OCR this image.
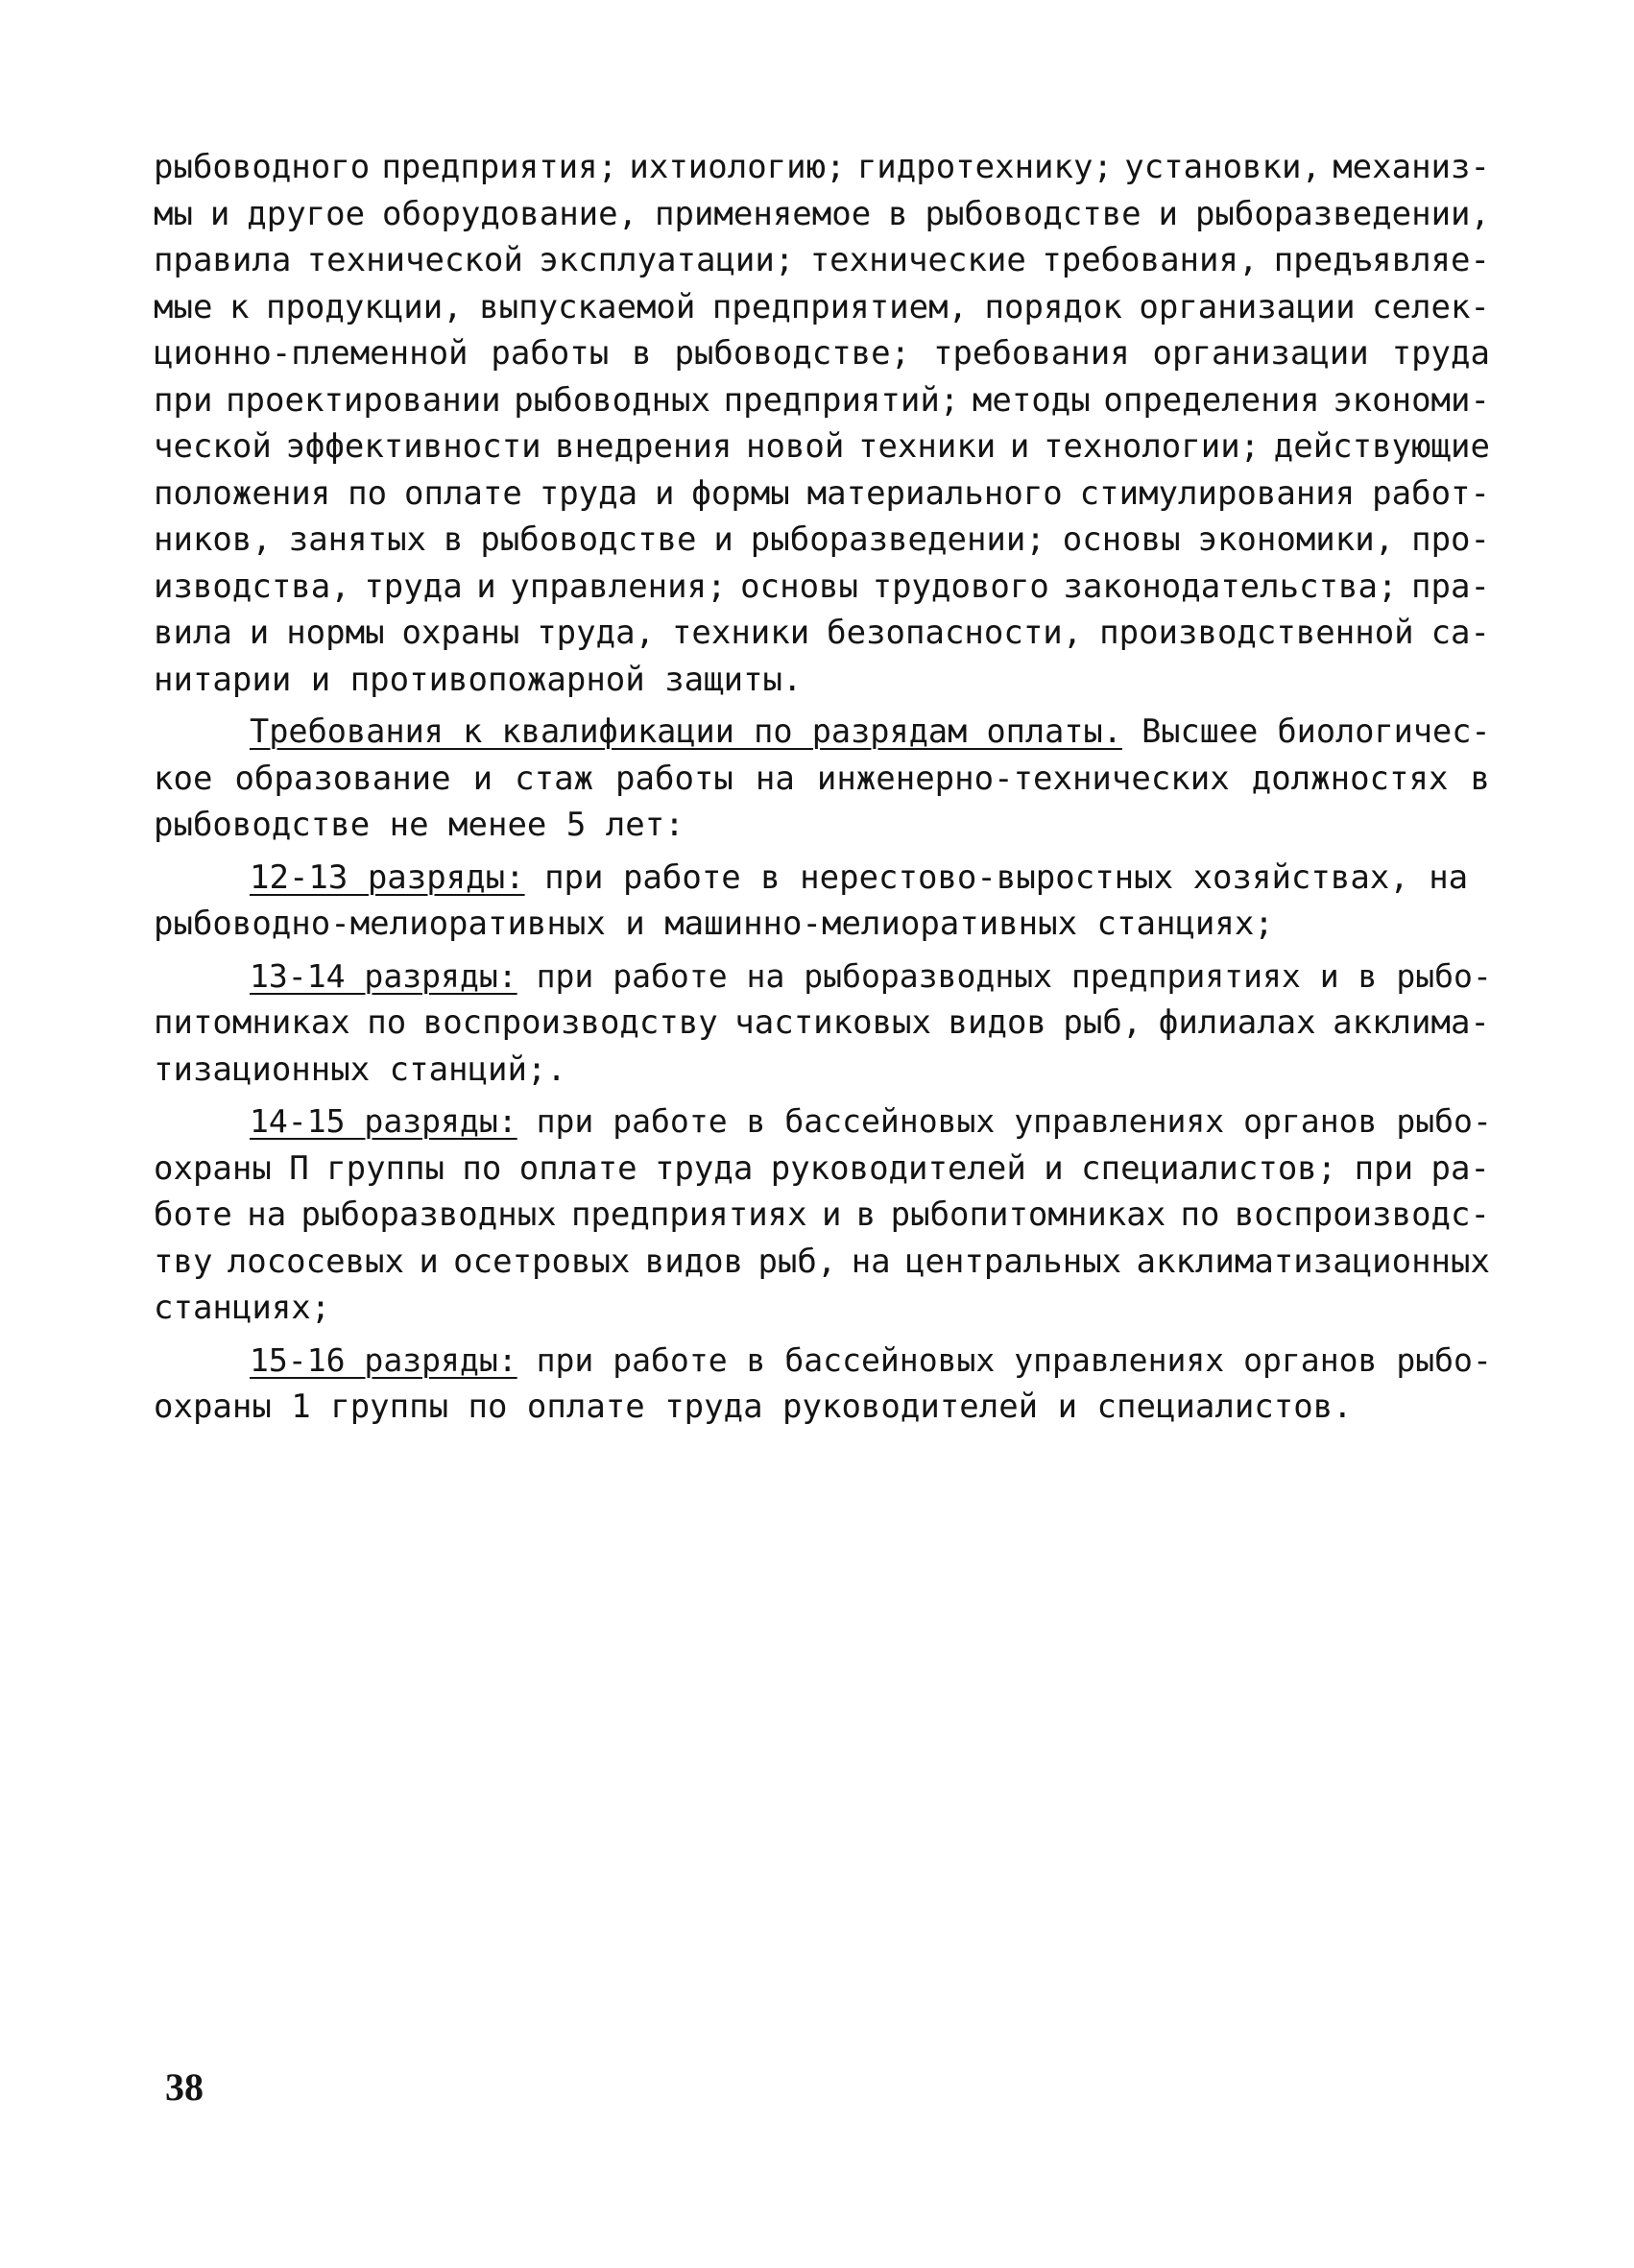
рыбоводного предприятия; ихтиологию; гидротехнику; установки, механиз-
мы и другое оборудование, применяемое в рыбоводстве и рыборазведении,
правила технической эксплуатации; технические требования, предъявляе-
мые к продукции, выпускаемой предприятием, порядок организации селек-
ционно-племенной работы в рыбоводстве; требования организации труда
при проектировании рыбоводных предприятий; методы определения экономи-
ческой эффективности внедрения новой техники и технологии; действующие
положения по оплате труда и формы материального стимулирования работ-
ников, занятых в рыбоводстве и рыборазведении; основы экономики, про-
изводства, труда и управления; основы трудового законодательства; пра-
вила и нормы охраны труда, техники безопасности, производственной са-
нитарии и противопожарной защиты.
Требования к квалификации по разрядам оплаты. Высшее биологичес-
кое образование и стаж работы на инженерно-технических должностях в
рыбоводстве не менее 5 лет:
12-13 разряды: при работе в нерестово-выростных хозяйствах, на
рыбоводно-мелиоративных и машинно-мелиоративных станциях;
13-14 разряды: при работе на рыборазводных предприятиях и в рыбо-
питомниках по воспроизводству частиковых видов рыб, филиалах акклима-
тизационных станций;.
14-15 разряды: при работе в бассейновых управлениях органов рыбо-
охраны П группы по оплате труда руководителей и специалистов; при ра-
боте на рыборазводных предприятиях и в рыбопитомниках по воспроизводс-
тву лососевых и осетровых видов рыб, на центральных акклиматизационных
станциях;
15-16 разряды: при работе в бассейновых управлениях органов рыбо-
охраны 1 группы по оплате труда руководителей и специалистов.
38
